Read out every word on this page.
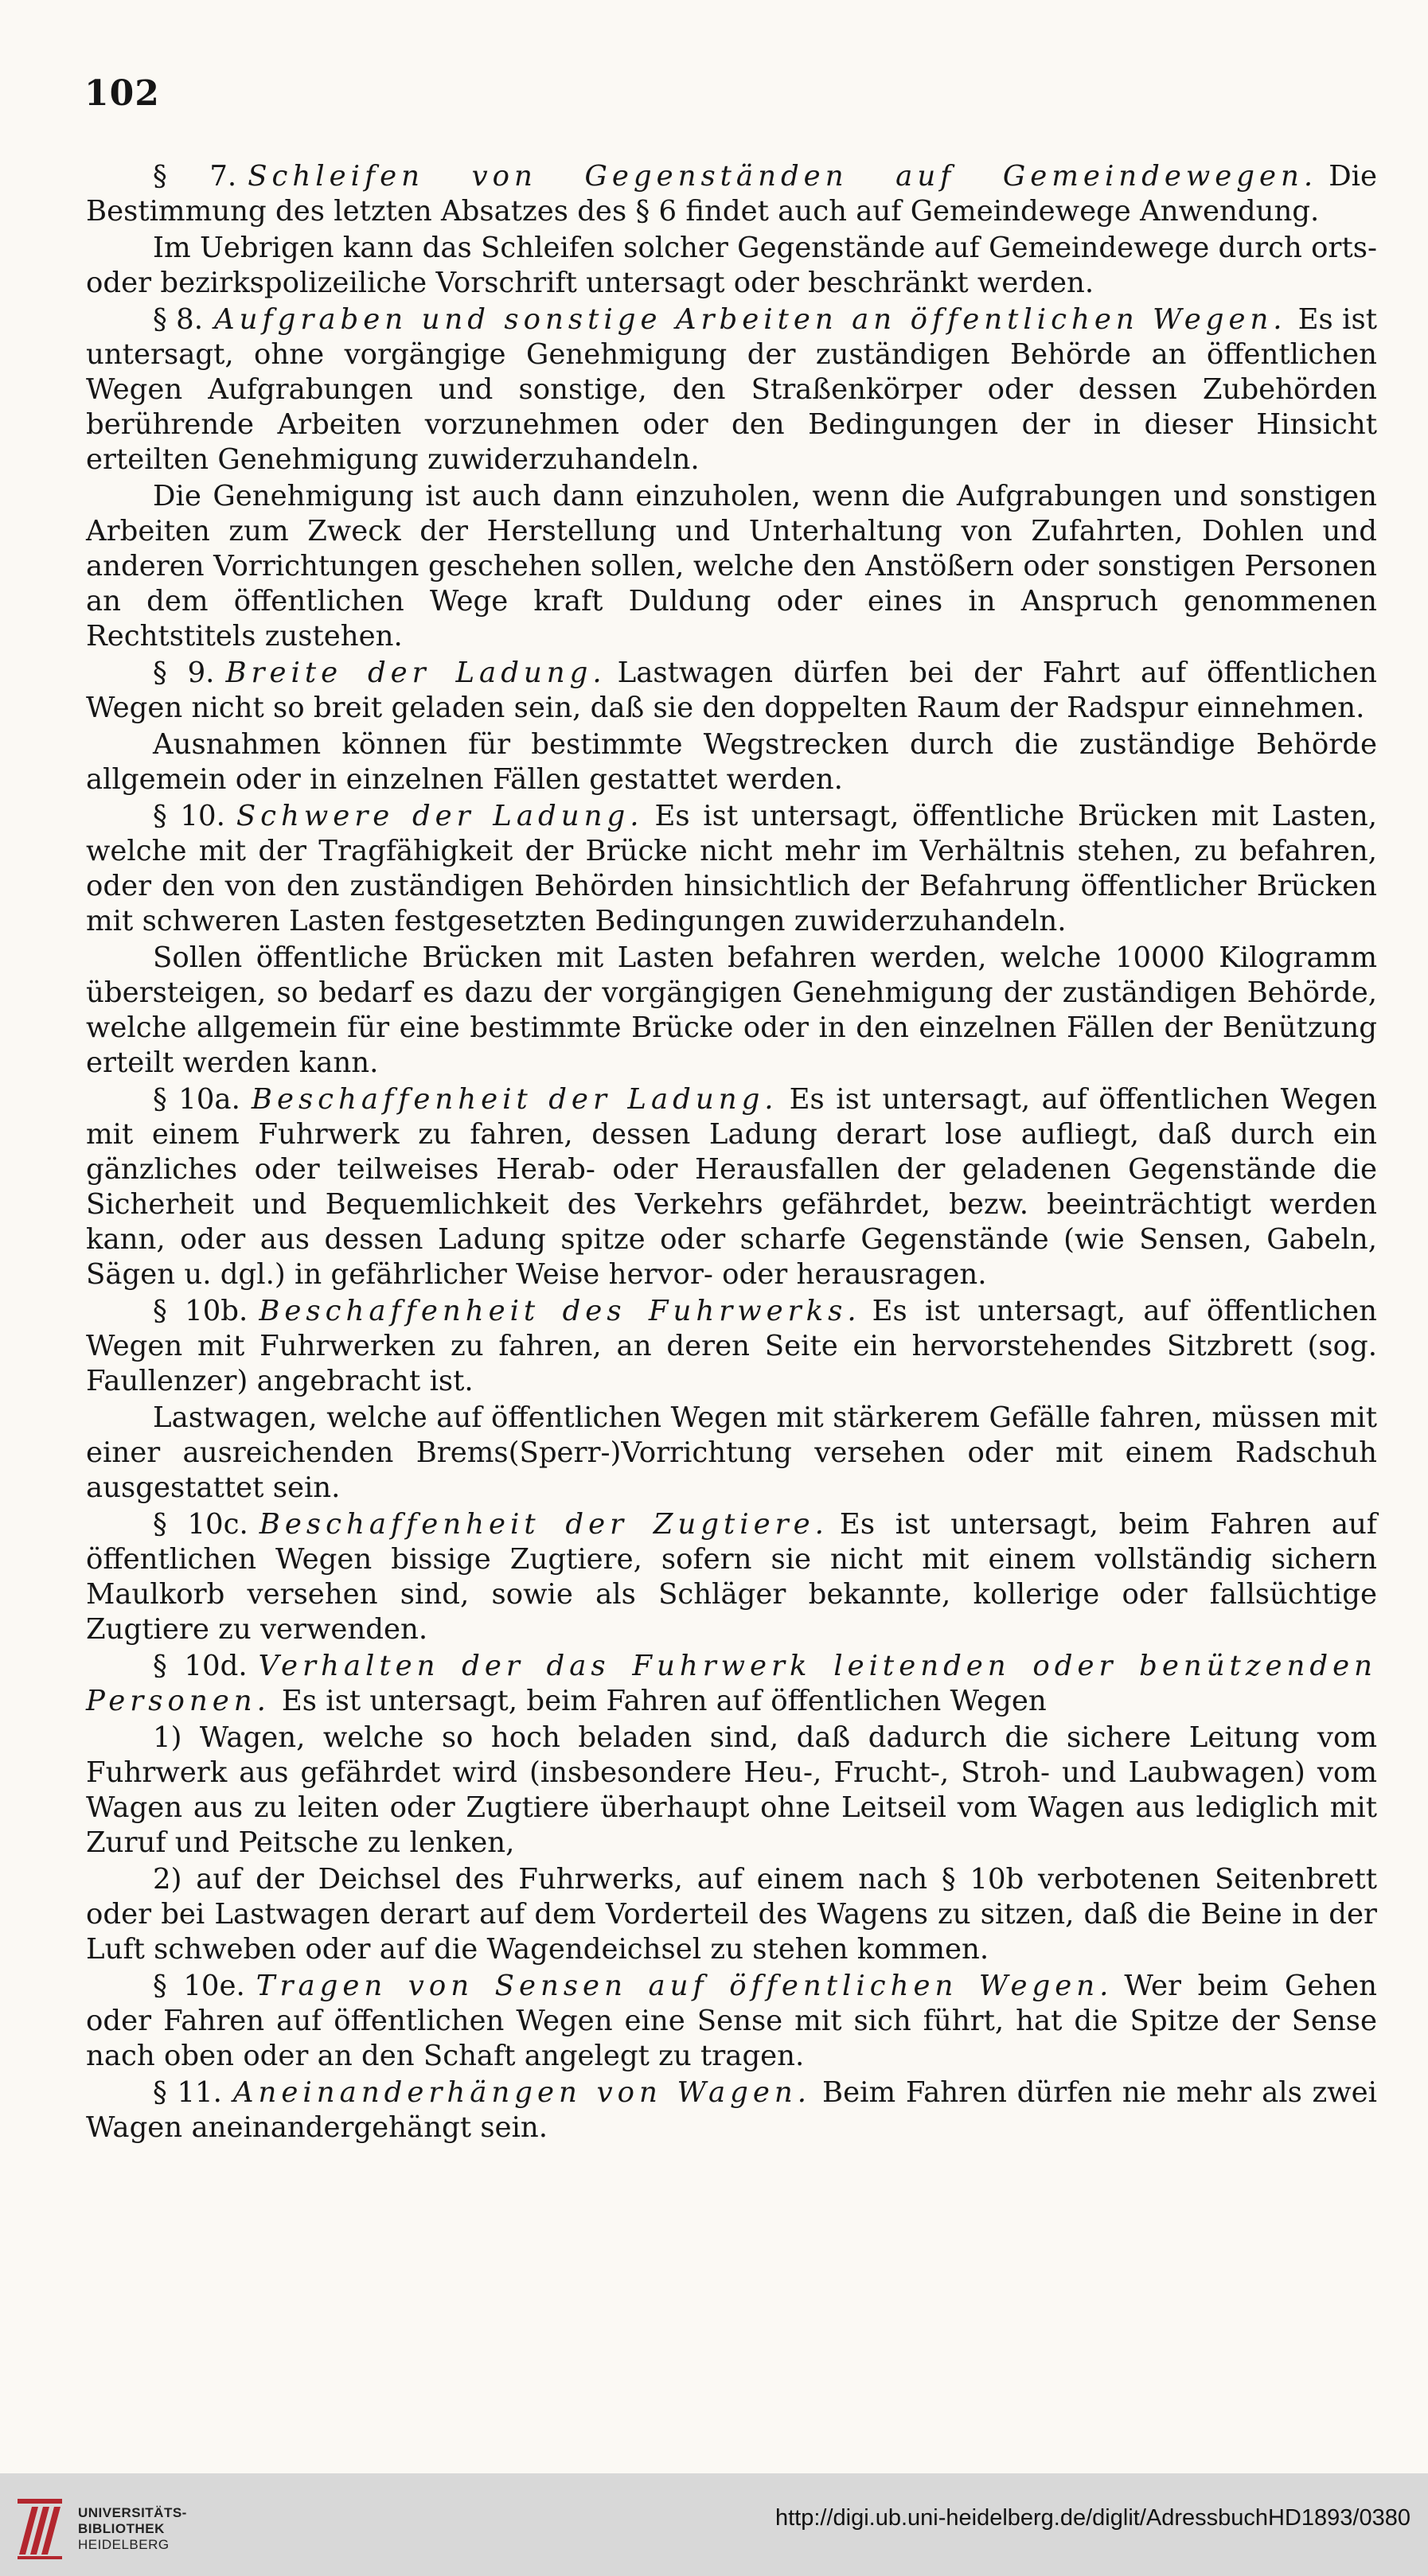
102

§ 7. Schleifen von Gegenständen auf Gemeindewegen. Die Bestimmung des letzten Absatzes des § 6 findet auch auf Gemeindewege Anwendung.

Im Uebrigen kann das Schleifen solcher Gegenstände auf Gemeindewege durch orts- oder bezirkspolizeiliche Vorschrift untersagt oder beschränkt werden.

§ 8. Aufgraben und sonstige Arbeiten an öffentlichen Wegen. Es ist untersagt, ohne vorgängige Genehmigung der zuständigen Behörde an öffentlichen Wegen Aufgrabungen und sonstige, den Straßenkörper oder dessen Zubehörden berührende Arbeiten vorzunehmen oder den Bedingungen der in dieser Hinsicht erteilten Genehmigung zuwiderzuhandeln.

Die Genehmigung ist auch dann einzuholen, wenn die Aufgrabungen und sonstigen Arbeiten zum Zweck der Herstellung und Unterhaltung von Zufahrten, Dohlen und anderen Vorrichtungen geschehen sollen, welche den Anstößern oder sonstigen Personen an dem öffentlichen Wege kraft Duldung oder eines in Anspruch genommenen Rechtstitels zustehen.

§ 9. Breite der Ladung. Lastwagen dürfen bei der Fahrt auf öffentlichen Wegen nicht so breit geladen sein, daß sie den doppelten Raum der Radspur einnehmen.

Ausnahmen können für bestimmte Wegstrecken durch die zuständige Behörde allgemein oder in einzelnen Fällen gestattet werden.

§ 10. Schwere der Ladung. Es ist untersagt, öffentliche Brücken mit Lasten, welche mit der Tragfähigkeit der Brücke nicht mehr im Verhältnis stehen, zu befahren, oder den von den zuständigen Behörden hinsichtlich der Befahrung öffentlicher Brücken mit schweren Lasten festgesetzten Bedingungen zuwiderzuhandeln.

Sollen öffentliche Brücken mit Lasten befahren werden, welche 10000 Kilogramm übersteigen, so bedarf es dazu der vorgängigen Genehmigung der zuständigen Behörde, welche allgemein für eine bestimmte Brücke oder in den einzelnen Fällen der Benützung erteilt werden kann.

§ 10a. Beschaffenheit der Ladung. Es ist untersagt, auf öffentlichen Wegen mit einem Fuhrwerk zu fahren, dessen Ladung derart lose aufliegt, daß durch ein gänzliches oder teilweises Herab- oder Herausfallen der geladenen Gegenstände die Sicherheit und Bequemlichkeit des Verkehrs gefährdet, bezw. beeinträchtigt werden kann, oder aus dessen Ladung spitze oder scharfe Gegenstände (wie Sensen, Gabeln, Sägen u. dgl.) in gefährlicher Weise hervor- oder herausragen.

§ 10b. Beschaffenheit des Fuhrwerks. Es ist untersagt, auf öffentlichen Wegen mit Fuhrwerken zu fahren, an deren Seite ein hervorstehendes Sitzbrett (sog. Faullenzer) angebracht ist.

Lastwagen, welche auf öffentlichen Wegen mit stärkerem Gefälle fahren, müssen mit einer ausreichenden Brems(Sperr-)Vorrichtung versehen oder mit einem Radschuh ausgestattet sein.

§ 10c. Beschaffenheit der Zugtiere. Es ist untersagt, beim Fahren auf öffentlichen Wegen bissige Zugtiere, sofern sie nicht mit einem vollständig sichern Maulkorb versehen sind, sowie als Schläger bekannte, kollerige oder fallsüchtige Zugtiere zu verwenden.

§ 10d. Verhalten der das Fuhrwerk leitenden oder benützenden Personen. Es ist untersagt, beim Fahren auf öffentlichen Wegen

1) Wagen, welche so hoch beladen sind, daß dadurch die sichere Leitung vom Fuhrwerk aus gefährdet wird (insbesondere Heu-, Frucht-, Stroh- und Laubwagen) vom Wagen aus zu leiten oder Zugtiere überhaupt ohne Leitseil vom Wagen aus lediglich mit Zuruf und Peitsche zu lenken,

2) auf der Deichsel des Fuhrwerks, auf einem nach § 10b verbotenen Seitenbrett oder bei Lastwagen derart auf dem Vorderteil des Wagens zu sitzen, daß die Beine in der Luft schweben oder auf die Wagendeichsel zu stehen kommen.

§ 10e. Tragen von Sensen auf öffentlichen Wegen. Wer beim Gehen oder Fahren auf öffentlichen Wegen eine Sense mit sich führt, hat die Spitze der Sense nach oben oder an den Schaft angelegt zu tragen.

§ 11. Aneinanderhängen von Wagen. Beim Fahren dürfen nie mehr als zwei Wagen aneinandergehängt sein.

UNIVERSITÄTS-
BIBLIOTHEK
HEIDELBERG
http://digi.ub.uni-heidelberg.de/diglit/AdressbuchHD1893/0380
